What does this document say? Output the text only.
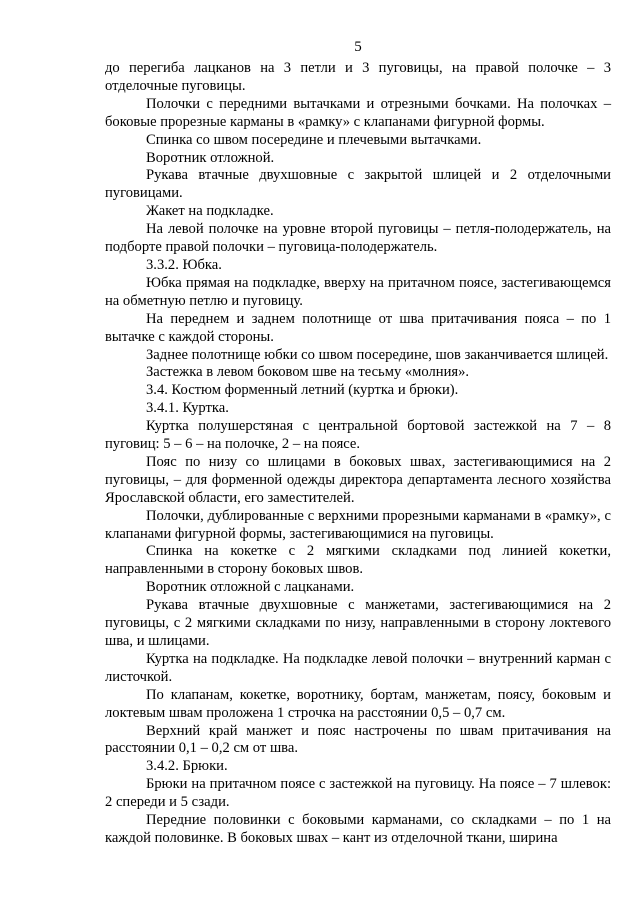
5

до перегиба лацканов на 3 петли и 3 пуговицы, на правой полочке – 3 отделочные пуговицы.

Полочки с передними вытачками и отрезными бочками. На полочках – боковые прорезные карманы в «рамку» с клапанами фигурной формы.

Спинка со швом посередине и плечевыми вытачками.

Воротник отложной.

Рукава втачные двухшовные с закрытой шлицей и 2 отделочными пуговицами.

Жакет на подкладке.

На левой полочке на уровне второй пуговицы – петля-полодержатель, на подборте правой полочки – пуговица-полодержатель.

3.3.2. Юбка.

Юбка прямая на подкладке, вверху на притачном поясе, застегивающемся на обметную петлю и пуговицу.

На переднем и заднем полотнище от шва притачивания пояса – по 1 вытачке с каждой стороны.

Заднее полотнище юбки со швом посередине, шов заканчивается шлицей.

Застежка в левом боковом шве на тесьму «молния».

3.4. Костюм форменный летний (куртка и брюки).

3.4.1. Куртка.

Куртка полушерстяная с центральной бортовой застежкой на 7 – 8 пуговиц: 5 – 6 – на полочке, 2 – на поясе.

Пояс по низу со шлицами в боковых швах, застегивающимися на 2 пуговицы, – для форменной одежды директора департамента лесного хозяйства Ярославской области, его заместителей.

Полочки, дублированные с верхними прорезными карманами в «рамку», с клапанами фигурной формы, застегивающимися на пуговицы.

Спинка на кокетке с 2 мягкими складками под линией кокетки, направленными в сторону боковых швов.

Воротник отложной с лацканами.

Рукава втачные двухшовные с манжетами, застегивающимися на 2 пуговицы, с 2 мягкими складками по низу, направленными в сторону локтевого шва, и шлицами.

Куртка на подкладке. На подкладке левой полочки – внутренний карман с листочкой.

По клапанам, кокетке, воротнику, бортам, манжетам, поясу, боковым и локтевым швам проложена 1 строчка на расстоянии 0,5 – 0,7 см.

Верхний край манжет и пояс настрочены по швам притачивания на расстоянии 0,1 – 0,2 см от шва.

3.4.2. Брюки.

Брюки на притачном поясе с застежкой на пуговицу. На поясе – 7 шлевок: 2 спереди и 5 сзади.

Передние половинки с боковыми карманами, со складками – по 1 на каждой половинке. В боковых швах – кант из отделочной ткани, ширина
